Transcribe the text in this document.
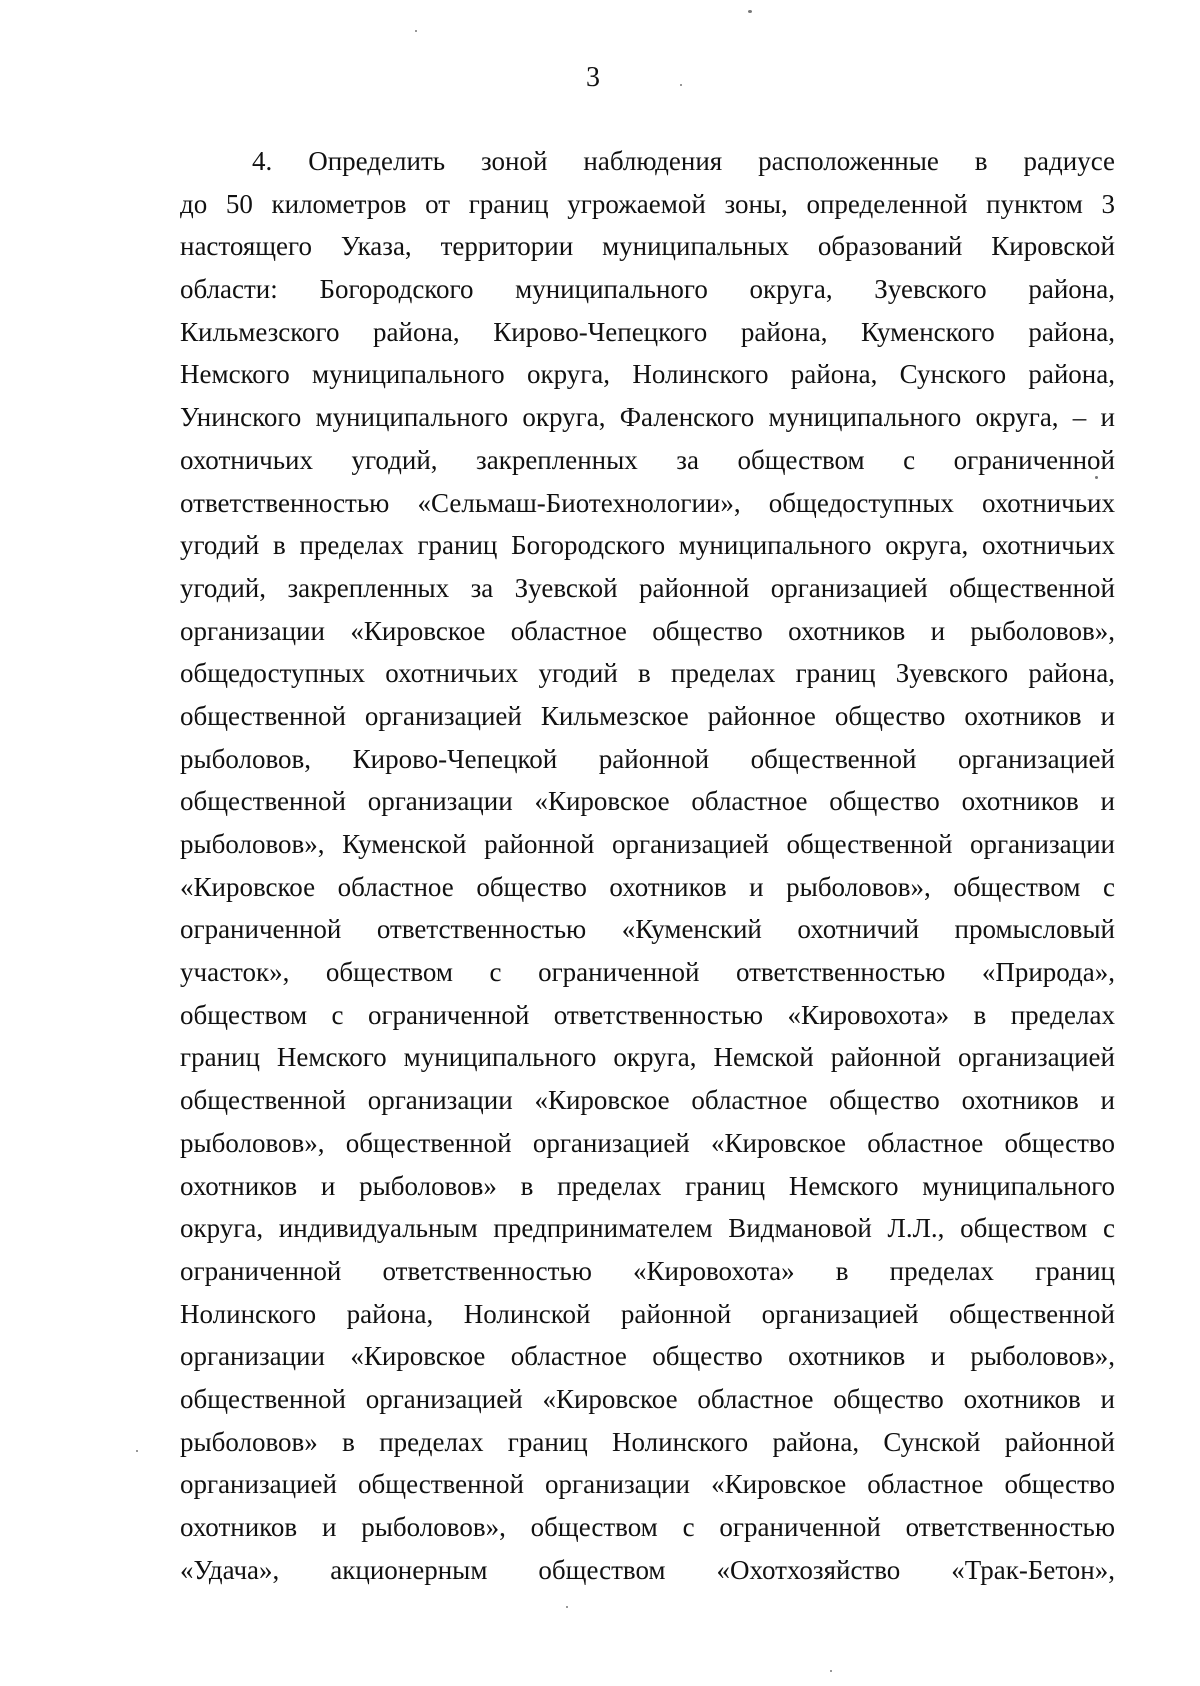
3
4. Определить зоной наблюдения расположенные в радиусе
до 50 километров от границ угрожаемой зоны, определенной пунктом 3
настоящего Указа, территории муниципальных образований Кировской
области: Богородского муниципального округа, Зуевского района,
Кильмезского района, Кирово-Чепецкого района, Куменского района,
Немского муниципального округа, Нолинского района, Сунского района,
Унинского муниципального округа, Фаленского муниципального округа, – и
охотничьих угодий, закрепленных за обществом с ограниченной
ответственностью «Сельмаш-Биотехнологии», общедоступных охотничьих
угодий в пределах границ Богородского муниципального округа, охотничьих
угодий, закрепленных за Зуевской районной организацией общественной
организации «Кировское областное общество охотников и рыболовов»,
общедоступных охотничьих угодий в пределах границ Зуевского района,
общественной организацией Кильмезское районное общество охотников и
рыболовов, Кирово-Чепецкой районной общественной организацией
общественной организации «Кировское областное общество охотников и
рыболовов», Куменской районной организацией общественной организации
«Кировское областное общество охотников и рыболовов», обществом с
ограниченной ответственностью «Куменский охотничий промысловый
участок», обществом с ограниченной ответственностью «Природа»,
обществом с ограниченной ответственностью «Кировохота» в пределах
границ Немского муниципального округа, Немской районной организацией
общественной организации «Кировское областное общество охотников и
рыболовов», общественной организацией «Кировское областное общество
охотников и рыболовов» в пределах границ Немского муниципального
округа, индивидуальным предпринимателем Видмановой Л.Л., обществом с
ограниченной ответственностью «Кировохота» в пределах границ
Нолинского района, Нолинской районной организацией общественной
организации «Кировское областное общество охотников и рыболовов»,
общественной организацией «Кировское областное общество охотников и
рыболовов» в пределах границ Нолинского района, Сунской районной
организацией общественной организации «Кировское областное общество
охотников и рыболовов», обществом с ограниченной ответственностью
«Удача», акционерным обществом «Охотхозяйство «Трак-Бетон»,
